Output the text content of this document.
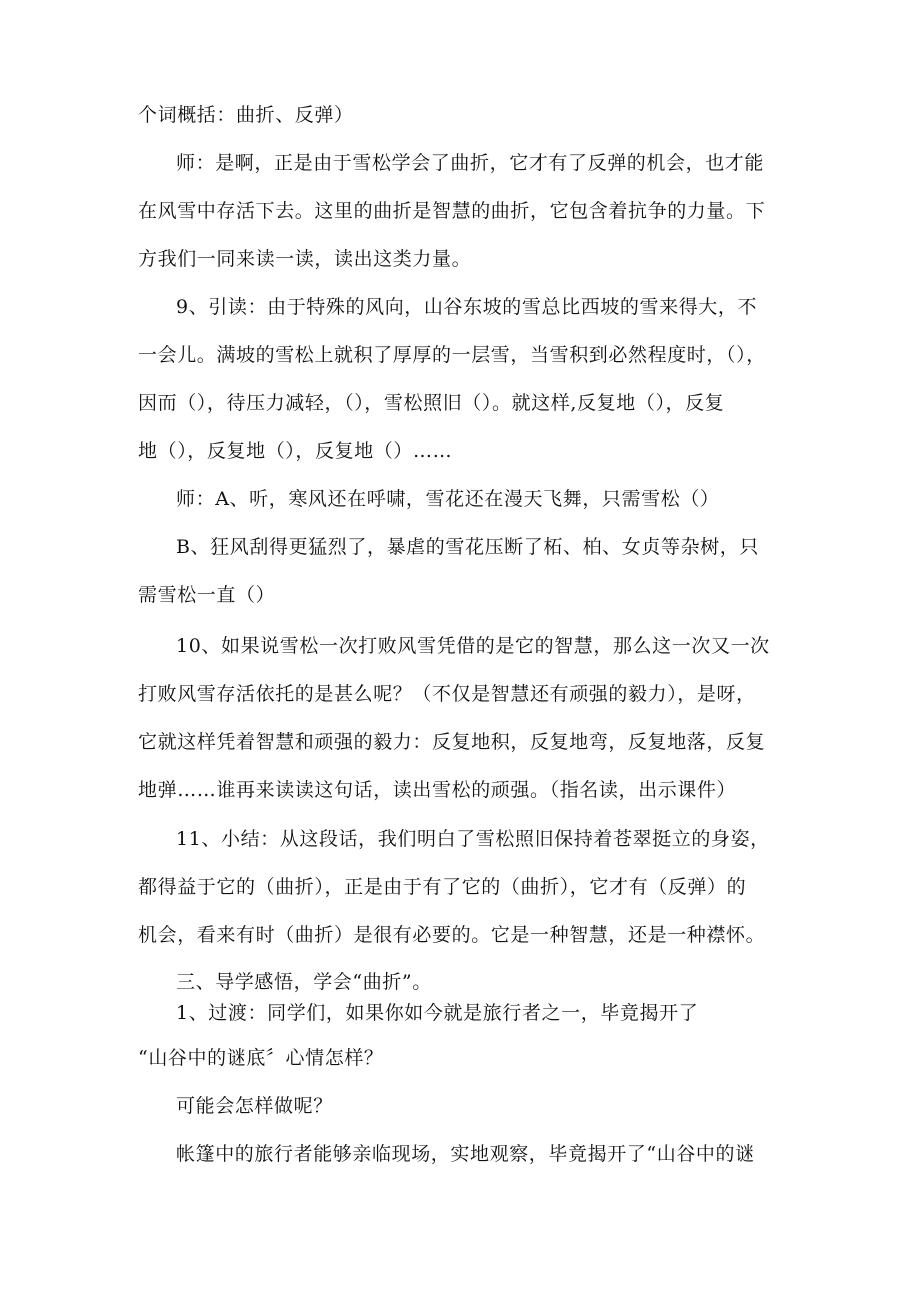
个词概括：曲折、反弹）

师：是啊，正是由于雪松学会了曲折，它才有了反弹的机会，也才能

在风雪中存活下去。这里的曲折是智慧的曲折，它包含着抗争的力量。下

方我们一同来读一读，读出这类力量。

9、引读：由于特殊的风向，山谷东坡的雪总比西坡的雪来得大，不

一会儿。满坡的雪松上就积了厚厚的一层雪，当雪积到必然程度时，（），

因而（），待压力减轻，（），雪松照旧（）。就这样,反复地（），反复

地（），反复地（），反复地（）……

师：A、听，寒风还在呼啸，雪花还在漫天飞舞，只需雪松（）

B、狂风刮得更猛烈了，暴虐的雪花压断了柘、柏、女贞等杂树，只

需雪松一直（）

10、如果说雪松一次打败风雪凭借的是它的智慧，那么这一次又一次

打败风雪存活依托的是甚么呢？（不仅是智慧还有顽强的毅力），是呀，

它就这样凭着智慧和顽强的毅力：反复地积，反复地弯，反复地落，反复

地弹……谁再来读读这句话，读出雪松的顽强。（指名读，出示课件）

11、小结：从这段话，我们明白了雪松照旧保持着苍翠挺立的身姿，

都得益于它的（曲折），正是由于有了它的（曲折），它才有（反弹）的

机会，看来有时（曲折）是很有必要的。它是一种智慧，还是一种襟怀。

三、导学感悟，学会“曲折”。

1、过渡：同学们，如果你如今就是旅行者之一，毕竟揭开了

“山谷中的谜底〞心情怎样？

可能会怎样做呢？

帐篷中的旅行者能够亲临现场，实地观察，毕竟揭开了“山谷中的谜
